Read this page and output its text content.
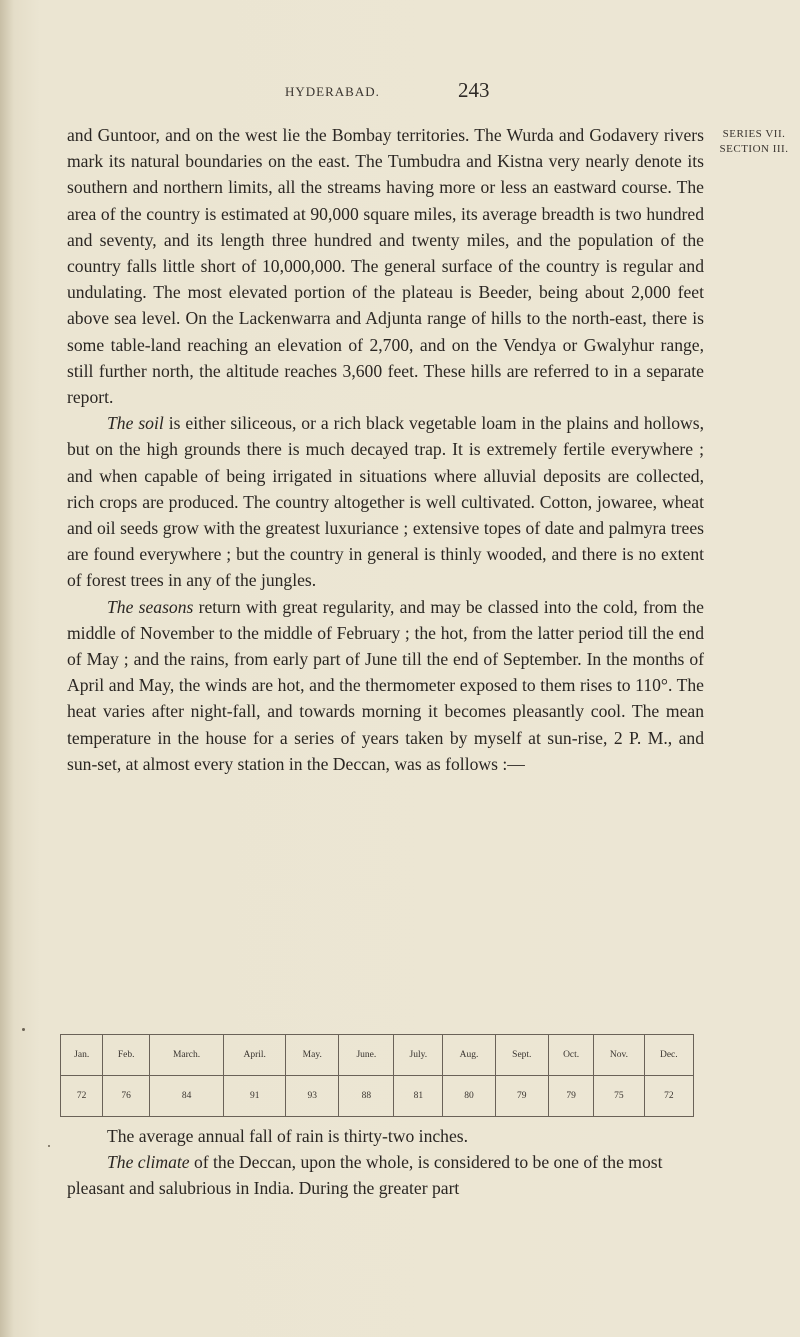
HYDERABAD.	243
SERIES VII.
SECTION III.

and Guntoor, and on the west lie the Bombay territories. The Wurda and Godavery rivers mark its natural boundaries on the east. The Tumbudra and Kistna very nearly denote its southern and northern limits, all the streams having more or less an eastward course. The area of the country is estimated at 90,000 square miles, its average breadth is two hundred and seventy, and its length three hundred and twenty miles, and the population of the country falls little short of 10,000,000. The general surface of the country is regular and undulating. The most elevated portion of the plateau is Beeder, being about 2,000 feet above sea level. On the Lackenwarra and Adjunta range of hills to the north-east, there is some table-land reaching an elevation of 2,700, and on the Vendya or Gwalyhur range, still further north, the altitude reaches 3,600 feet. These hills are referred to in a separate report.

The soil is either siliceous, or a rich black vegetable loam in the plains and hollows, but on the high grounds there is much decayed trap. It is extremely fertile everywhere ; and when capable of being irrigated in situations where alluvial deposits are collected, rich crops are produced. The country altogether is well cultivated. Cotton, jowaree, wheat and oil seeds grow with the greatest luxuriance ; extensive topes of date and palmyra trees are found everywhere ; but the country in general is thinly wooded, and there is no extent of forest trees in any of the jungles.

The seasons return with great regularity, and may be classed into the cold, from the middle of November to the middle of February ; the hot, from the latter period till the end of May ; and the rains, from early part of June till the end of September. In the months of April and May, the winds are hot, and the thermometer exposed to them rises to 110°. The heat varies after night-fall, and towards morning it becomes pleasantly cool. The mean temperature in the house for a series of years taken by myself at sun-rise, 2 P. M., and sun-set, at almost every station in the Deccan, was as follows :—

Jan.	Feb.	March.	April.	May.	June.	July.	Aug.	Sept.	Oct.	Nov.	Dec.
72	76	84	91	93	88	81	80	79	79	75	72

The average annual fall of rain is thirty-two inches.

The climate of the Deccan, upon the whole, is considered to be one of the most pleasant and salubrious in India. During the greater part
